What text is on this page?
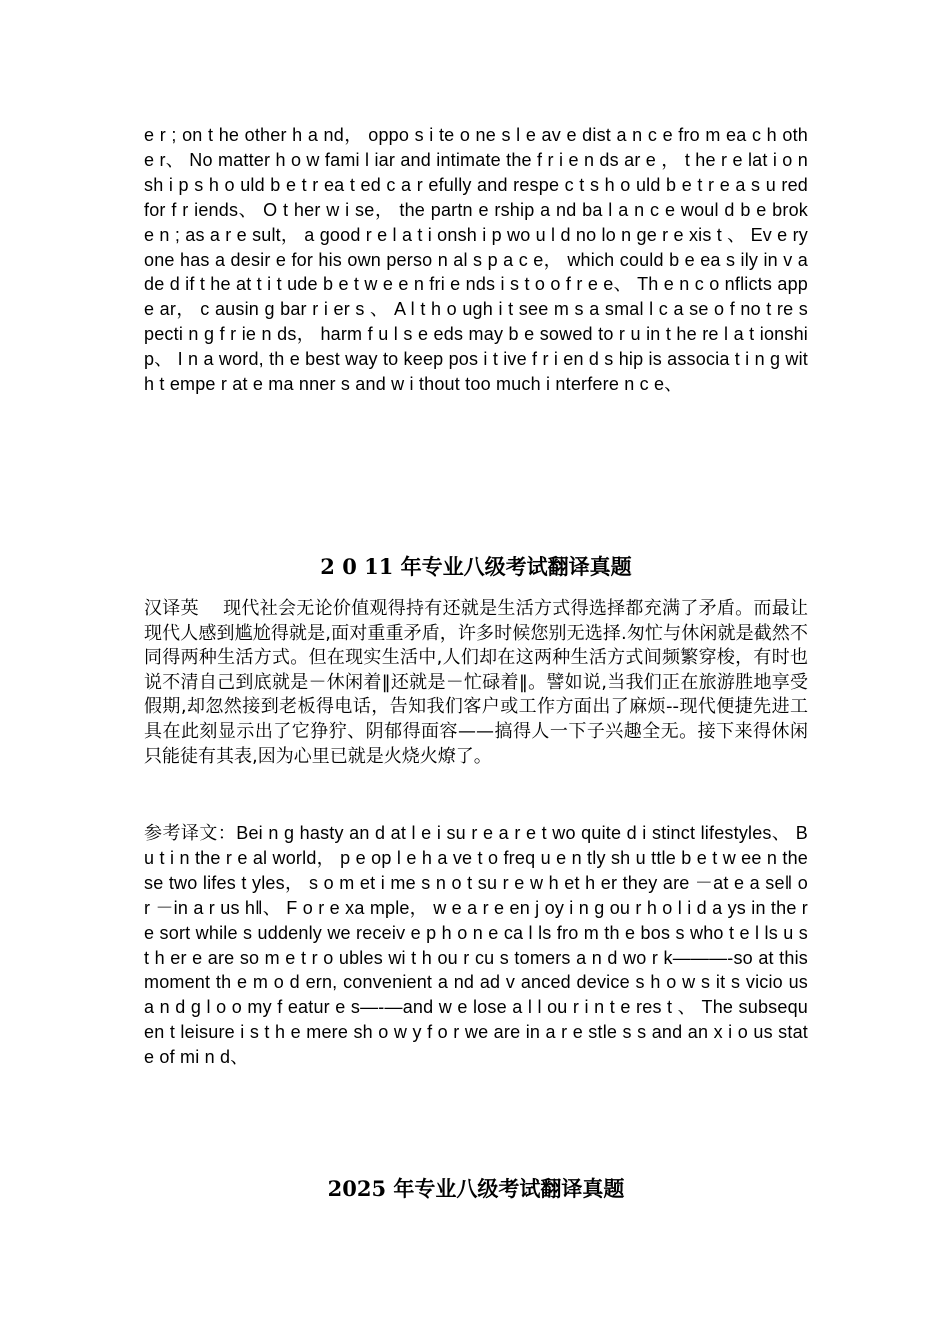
e r ; on t he other h a nd， oppo s i te o ne s l e av e dist a n c e fro m ea c h oth e r、 No matter h o w fami l iar and intimate the f r i e n ds ar e ， t he r e lat i o n sh i p s h o uld b e t r ea t ed c a r efully and respe c t s h o uld b e t r e a s u red for f r iends、 O t her w i se， the partn e rship a nd ba l a n c e woul d b e brok e n ; as a r e sult， a good r e l a t i onsh i p wo u l d no lo n ge r e xis t 、 Ev e ryone has a desir e for his own perso n al s p a c e， which could b e ea s ily in v ade d if t he at t i t ude b e t w e e n fri e nds i s t o o f r e e、 Th e n c o nflicts app e ar， c ausin g bar r i er s 、 A l t h o ugh i t see m s a smal l c a se o f no t re s pecti n g f r ie n ds， harm f u l s e eds may b e sowed to r u in t he re l a t ionship、 I n a word, th e best way to keep pos i t ive f r i en d s hip is associa t i n g with t empe r at e ma nner s and w i thout too much i nterfere n c e、

2 0 11 年专业八级考试翻译真题

汉译英　 现代社会无论价值观得持有还就是生活方式得选择都充满了矛盾。而最让现代人感到尴尬得就是,面对重重矛盾，许多时候您别无选择.匆忙与休闲就是截然不同得两种生活方式。但在现实生活中,人们却在这两种生活方式间频繁穿梭，有时也说不清自己到底就是－休闲着‖还就是－忙碌着‖。譬如说,当我们正在旅游胜地享受假期,却忽然接到老板得电话，告知我们客户或工作方面出了麻烦--现代便捷先进工具在此刻显示出了它狰狞、阴郁得面容——搞得人一下子兴趣全无。接下来得休闲只能徒有其表,因为心里已就是火烧火燎了。

参考译文：Bei n g hasty an d at l e i su r e a r e t wo quite d i stinct lifestyles、 B u t i n the r e al world， p e op l e h a ve t o freq u e n tly sh u ttle b e t w ee n these two lifes t yles， s o m et i me s n o t su r e w h et h er they are －at e a se‖ o r －in a r us h‖、 F o r e xa mple， w e a r e en j oy i n g ou r h o l i d a ys in the r e sort while s uddenly we receiv e p h o n e ca l ls fro m th e bos s who t e l ls u s t h er e are so m e t r o ubles wi t h ou r cu s tomers a n d wo r k———-so at this moment th e m o d ern, convenient a nd ad v anced device s h o w s it s vicio us a n d g l o o my f eatur e s—-—and w e lose a l l ou r i n t e res t 、 The subsequen t leisure i s t h e mere sh o w y f o r we are in a r e stle s s and an x i o us state of mi n d、

2025 年专业八级考试翻译真题
